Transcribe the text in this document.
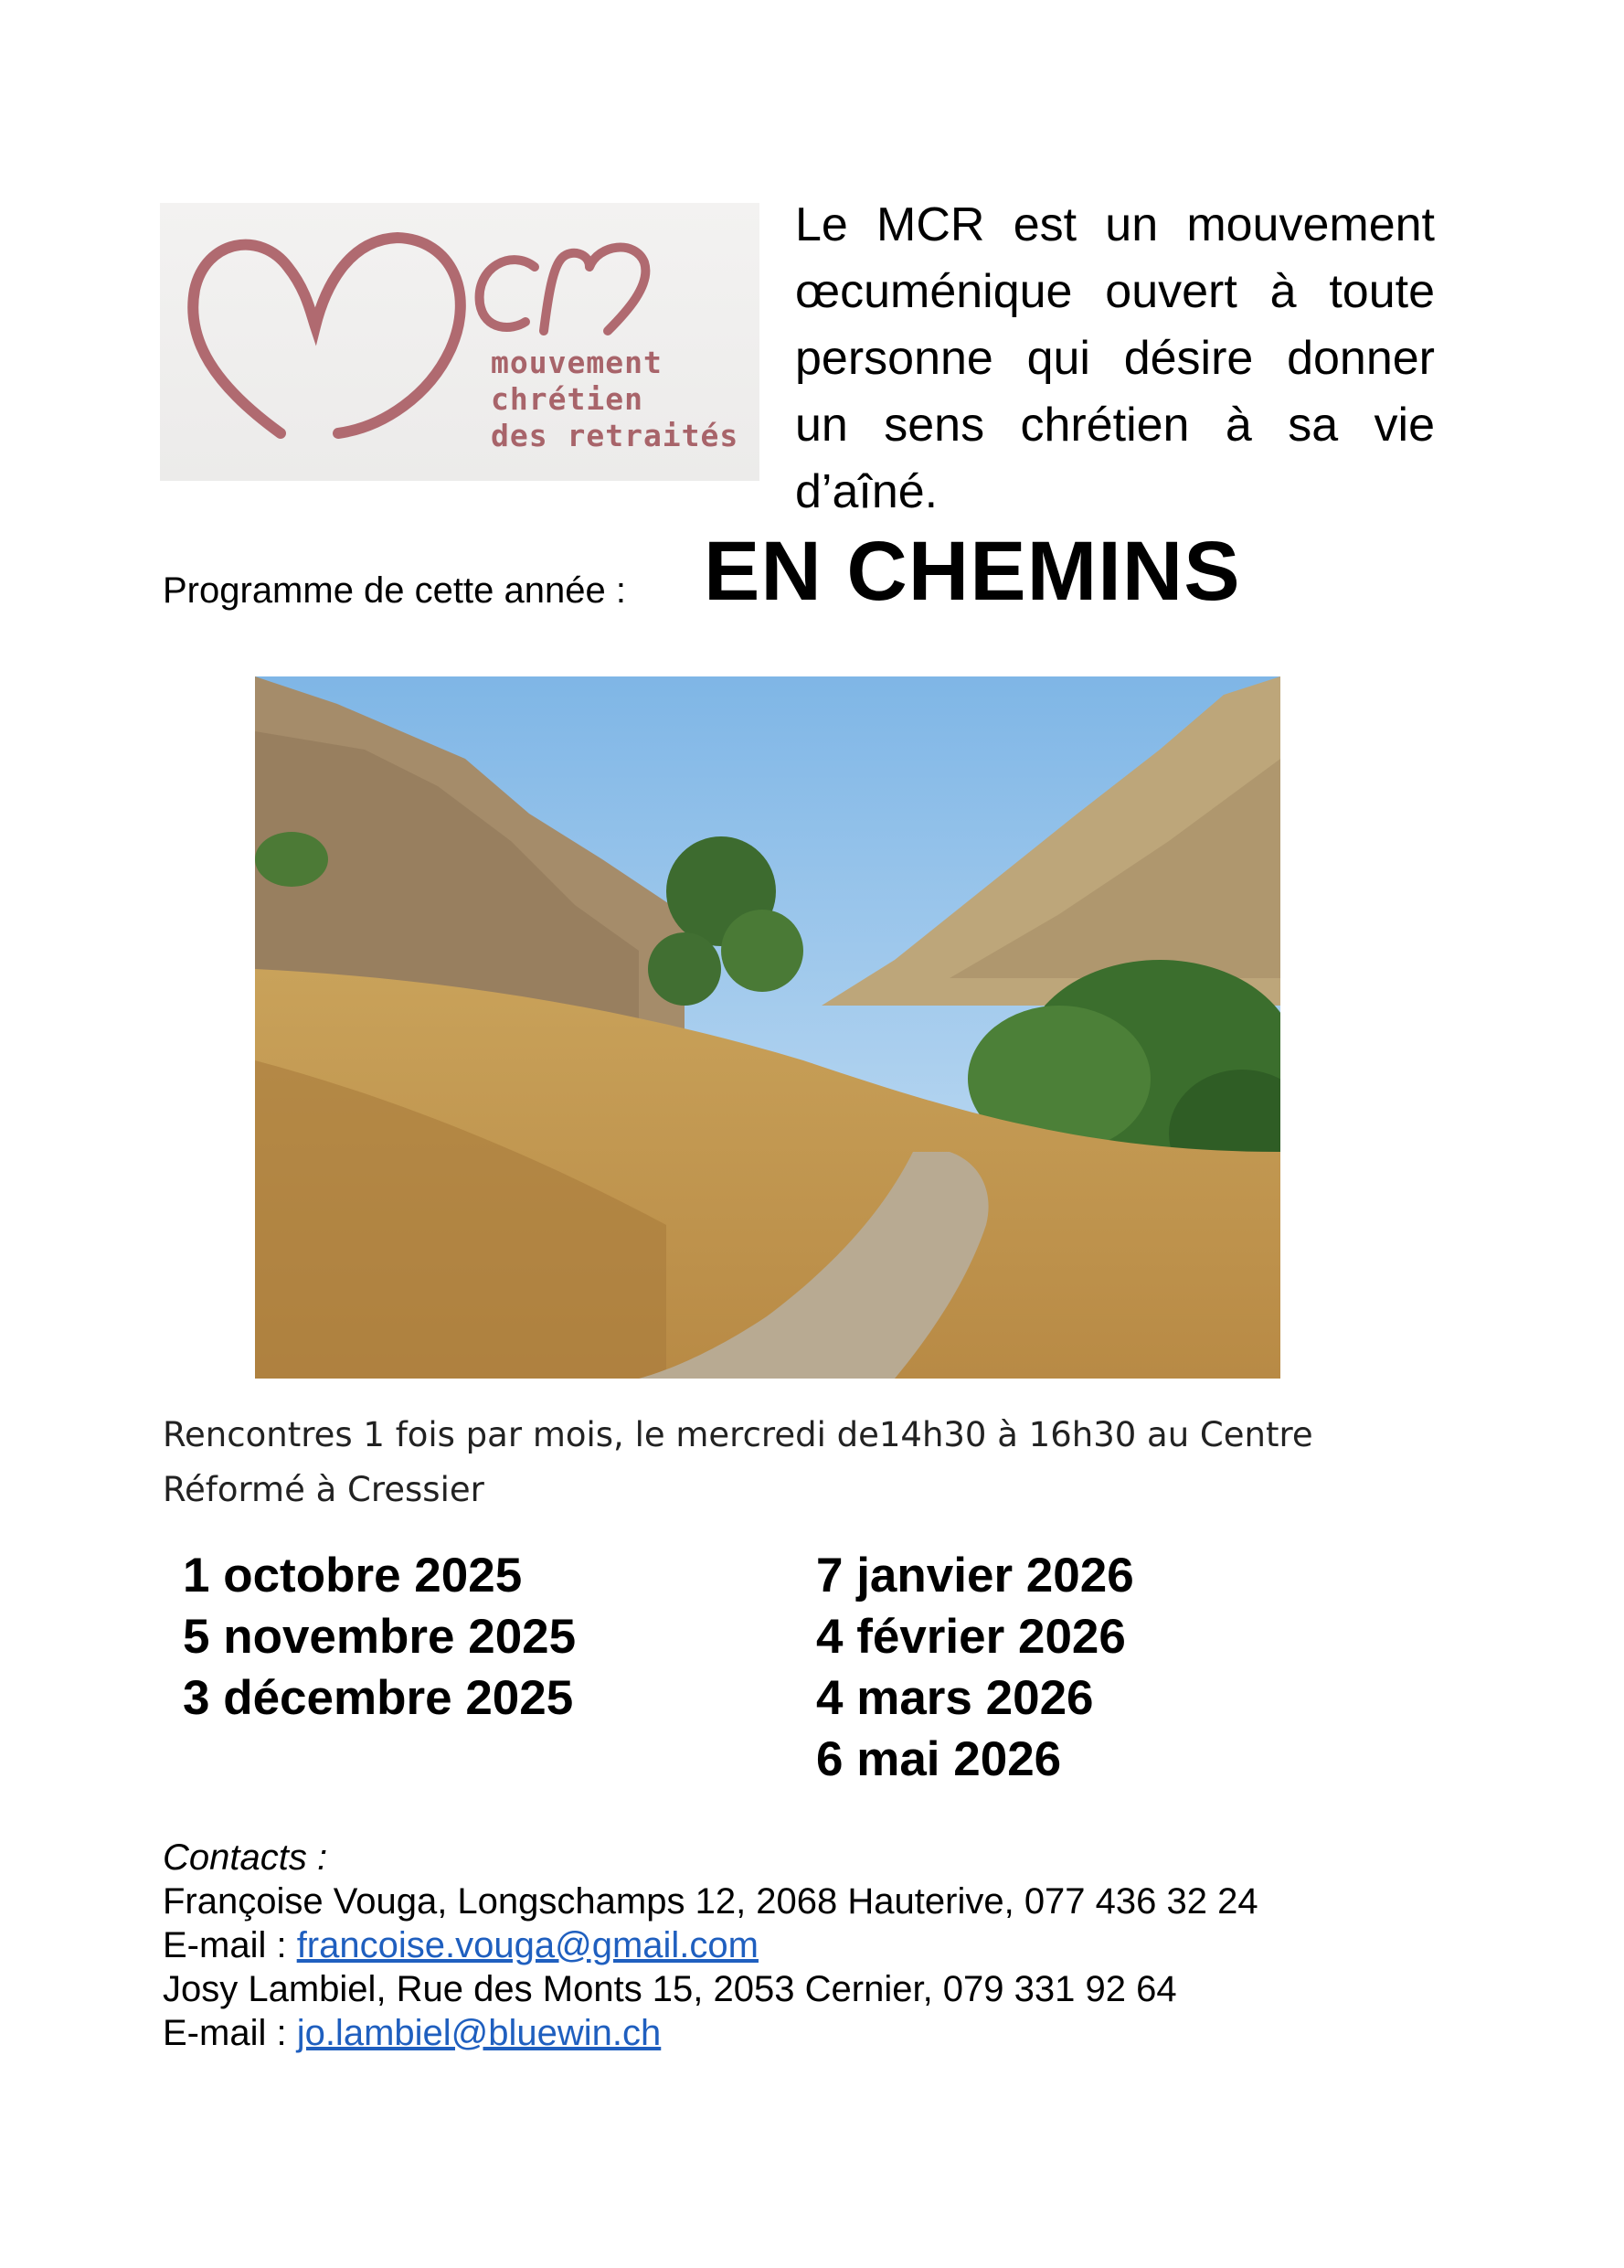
mouvement
chrétien
des retraités
Le MCR est un mouvement œcuménique ouvert à toute personne qui désire donner un sens chrétien à sa vie d’aîné.
Programme de cette année : EN CHEMINS
Rencontres 1 fois par mois, le mercredi de14h30 à 16h30 au Centre
Réformé à Cressier
1 octobre 2025
5 novembre 2025
3 décembre 2025
7 janvier 2026
4 février 2026
4 mars 2026
6 mai 2026
Contacts :
Françoise Vouga, Longschamps 12, 2068 Hauterive, 077 436 32 24
E-mail : francoise.vouga@gmail.com
Josy Lambiel, Rue des Monts 15, 2053 Cernier, 079 331 92 64
E-mail : jo.lambiel@bluewin.ch
